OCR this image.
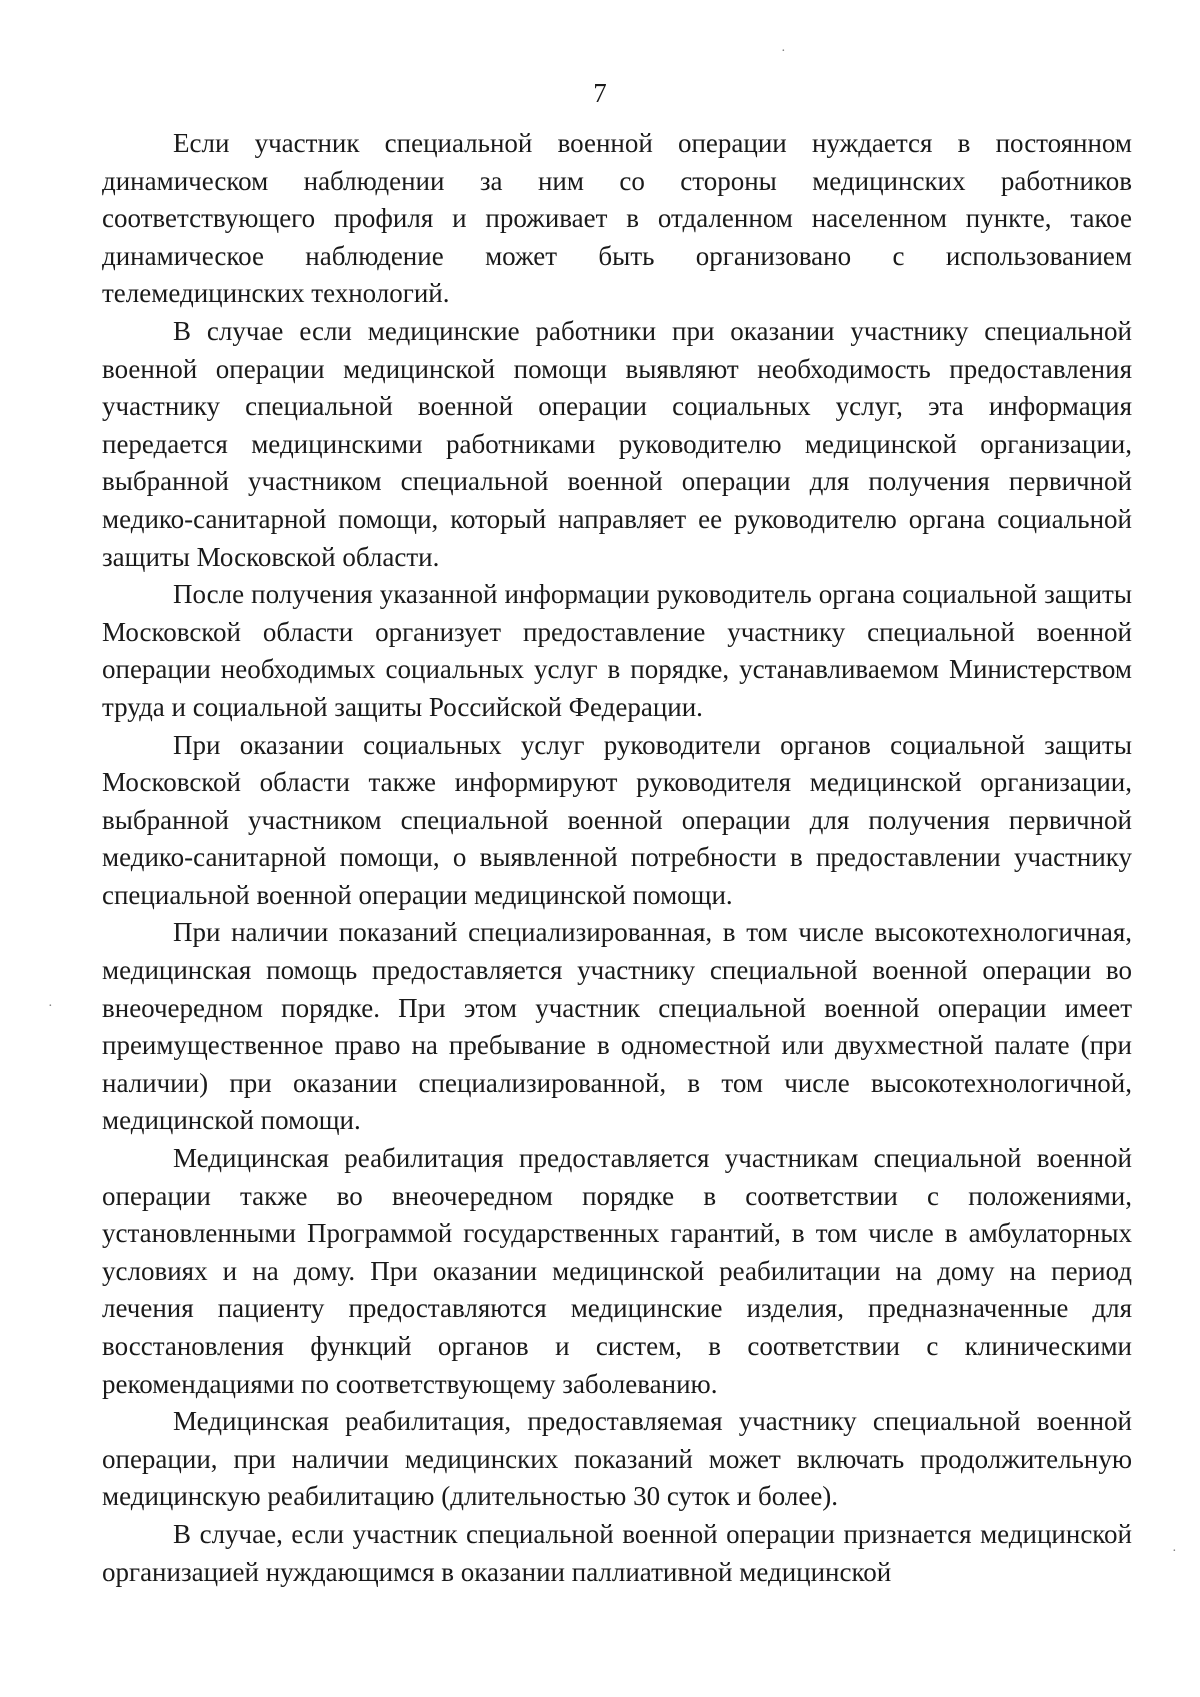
7

Если участник специальной военной операции нуждается в постоянном динамическом наблюдении за ним со стороны медицинских работников соответствующего профиля и проживает в отдаленном населенном пункте, такое динамическое наблюдение может быть организовано с использованием телемедицинских технологий.

В случае если медицинские работники при оказании участнику специальной военной операции медицинской помощи выявляют необходимость предоставления участнику специальной военной операции социальных услуг, эта информация передается медицинскими работниками руководителю медицинской организации, выбранной участником специальной военной операции для получения первичной медико-санитарной помощи, который направляет ее руководителю органа социальной защиты Московской области.

После получения указанной информации руководитель органа социальной защиты Московской области организует предоставление участнику специальной военной операции необходимых социальных услуг в порядке, устанавливаемом Министерством труда и социальной защиты Российской Федерации.

При оказании социальных услуг руководители органов социальной защиты Московской области также информируют руководителя медицинской организации, выбранной участником специальной военной операции для получения первичной медико-санитарной помощи, о выявленной потребности в предоставлении участнику специальной военной операции медицинской помощи.

При наличии показаний специализированная, в том числе высокотехнологичная, медицинская помощь предоставляется участнику специальной военной операции во внеочередном порядке. При этом участник специальной военной операции имеет преимущественное право на пребывание в одноместной или двухместной палате (при наличии) при оказании специализированной, в том числе высокотехнологичной, медицинской помощи.

Медицинская реабилитация предоставляется участникам специальной военной операции также во внеочередном порядке в соответствии с положениями, установленными Программой государственных гарантий, в том числе в амбулаторных условиях и на дому. При оказании медицинской реабилитации на дому на период лечения пациенту предоставляются медицинские изделия, предназначенные для восстановления функций органов и систем, в соответствии с клиническими рекомендациями по соответствующему заболеванию.

Медицинская реабилитация, предоставляемая участнику специальной военной операции, при наличии медицинских показаний может включать продолжительную медицинскую реабилитацию (длительностью 30 суток и более).

В случае, если участник специальной военной операции признается медицинской организацией нуждающимся в оказании паллиативной медицинской

·
·
·
